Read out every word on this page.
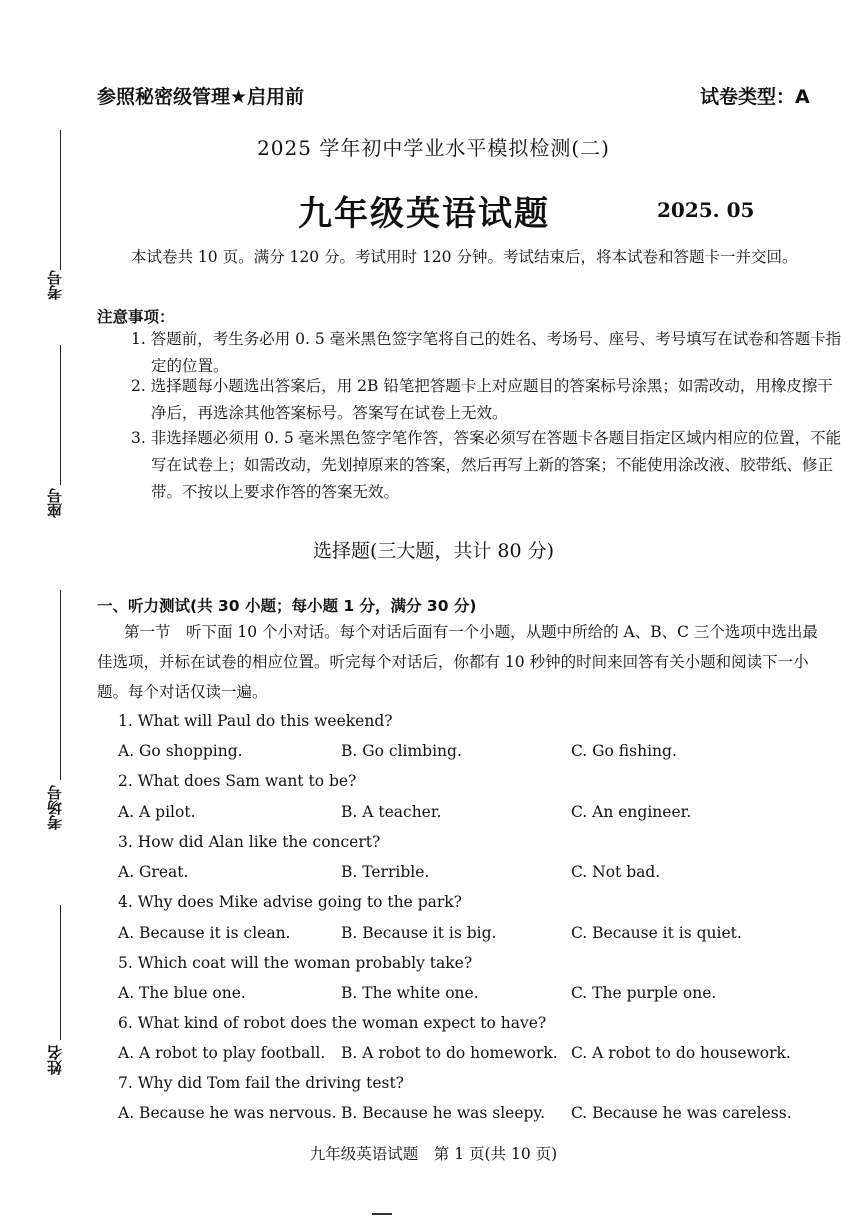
考号
座号
考场号
姓名
参照秘密级管理★启用前	试卷类型：A
2025 学年初中学业水平模拟检测(二)
九年级英语试题	2025. 05
本试卷共 10 页。满分 120 分。考试用时 120 分钟。考试结束后，将本试卷和答题卡一并交回。
注意事项：
1. 答题前，考生务必用 0. 5 毫米黑色签字笔将自己的姓名、考场号、座号、考号填写在试卷和答题卡指定的位置。
2. 选择题每小题选出答案后，用 2B 铅笔把答题卡上对应题目的答案标号涂黑；如需改动，用橡皮擦干净后，再选涂其他答案标号。答案写在试卷上无效。
3. 非选择题必须用 0. 5 毫米黑色签字笔作答，答案必须写在答题卡各题目指定区域内相应的位置，不能写在试卷上；如需改动，先划掉原来的答案，然后再写上新的答案；不能使用涂改液、胶带纸、修正带。不按以上要求作答的答案无效。
选择题(三大题，共计 80 分)
一、听力测试(共 30 小题；每小题 1 分，满分 30 分)
第一节　听下面 10 个小对话。每个对话后面有一个小题，从题中所给的 A、B、C 三个选项中选出最佳选项，并标在试卷的相应位置。听完每个对话后，你都有 10 秒钟的时间来回答有关小题和阅读下一小题。每个对话仅读一遍。
1. What will Paul do this weekend?
A. Go shopping.	B. Go climbing.	C. Go fishing.
2. What does Sam want to be?
A. A pilot.	B. A teacher.	C. An engineer.
3. How did Alan like the concert?
A. Great.	B. Terrible.	C. Not bad.
4. Why does Mike advise going to the park?
A. Because it is clean.	B. Because it is big.	C. Because it is quiet.
5. Which coat will the woman probably take?
A. The blue one.	B. The white one.	C. The purple one.
6. What kind of robot does the woman expect to have?
A. A robot to play football. B. A robot to do homework. C. A robot to do housework.
7. Why did Tom fail the driving test?
A. Because he was nervous. B. Because he was sleepy. C. Because he was careless.
九年级英语试题　第 1 页(共 10 页)
